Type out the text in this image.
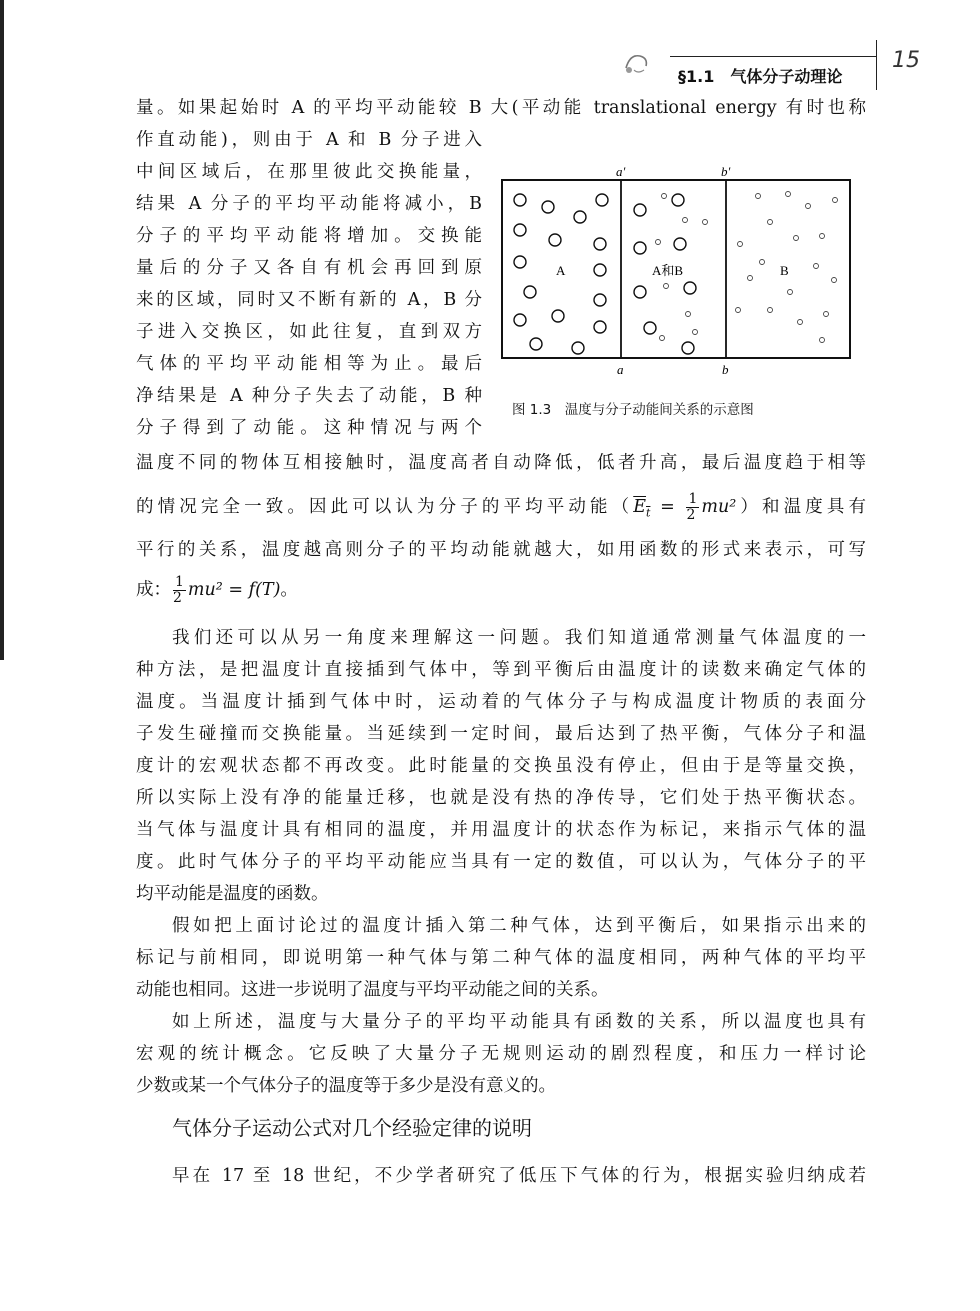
§1.1　气体分子动理论
15
量。如果起始时 A 的平均平动能较 B 大(平动能 translational energy 有时也称
作直动能)，则由于 A 和 B 分子进入
中间区域后，在那里彼此交换能量，
结果 A 分子的平均平动能将减小，B
分子的平均平动能将增加。交换能
量后的分子又各自有机会再回到原
来的区域，同时又不断有新的 A，B 分
子进入交换区，如此往复，直到双方
气体的平均平动能相等为止。最后
净结果是 A 种分子失去了动能，B 种
分子得到了动能。这种情况与两个
温度不同的物体互相接触时，温度高者自动降低，低者升高，最后温度趋于相等
的情况完全一致。因此可以认为分子的平均平动能$(E_t = \frac{1}{2} mu^2)$和温度具有
平行的关系，温度越高则分子的平均动能就越大，如用函数的形式来表示，可写
成： $\frac{1}{2} mu^2 = f(T)$。
a′	b′
a	b
A	A和B	B
图 1.3　温度与分子动能间关系的示意图
我们还可以从另一角度来理解这一问题。我们知道通常测量气体温度的一
种方法，是把温度计直接插到气体中，等到平衡后由温度计的读数来确定气体的
温度。当温度计插到气体中时，运动着的气体分子与构成温度计物质的表面分
子发生碰撞而交换能量。当延续到一定时间，最后达到了热平衡，气体分子和温
度计的宏观状态都不再改变。此时能量的交换虽没有停止，但由于是等量交换，
所以实际上没有净的能量迁移，也就是没有热的净传导，它们处于热平衡状态。
当气体与温度计具有相同的温度，并用温度计的状态作为标记，来指示气体的温
度。此时气体分子的平均平动能应当具有一定的数值，可以认为，气体分子的平
均平动能是温度的函数。
假如把上面讨论过的温度计插入第二种气体，达到平衡后，如果指示出来的
标记与前相同，即说明第一种气体与第二种气体的温度相同，两种气体的平均平
动能也相同。这进一步说明了温度与平均平动能之间的关系。
如上所述，温度与大量分子的平均平动能具有函数的关系，所以温度也具有
宏观的统计概念。它反映了大量分子无规则运动的剧烈程度，和压力一样讨论
少数或某一个气体分子的温度等于多少是没有意义的。
气体分子运动公式对几个经验定律的说明
早在 17 至 18 世纪，不少学者研究了低压下气体的行为，根据实验归纳成若
